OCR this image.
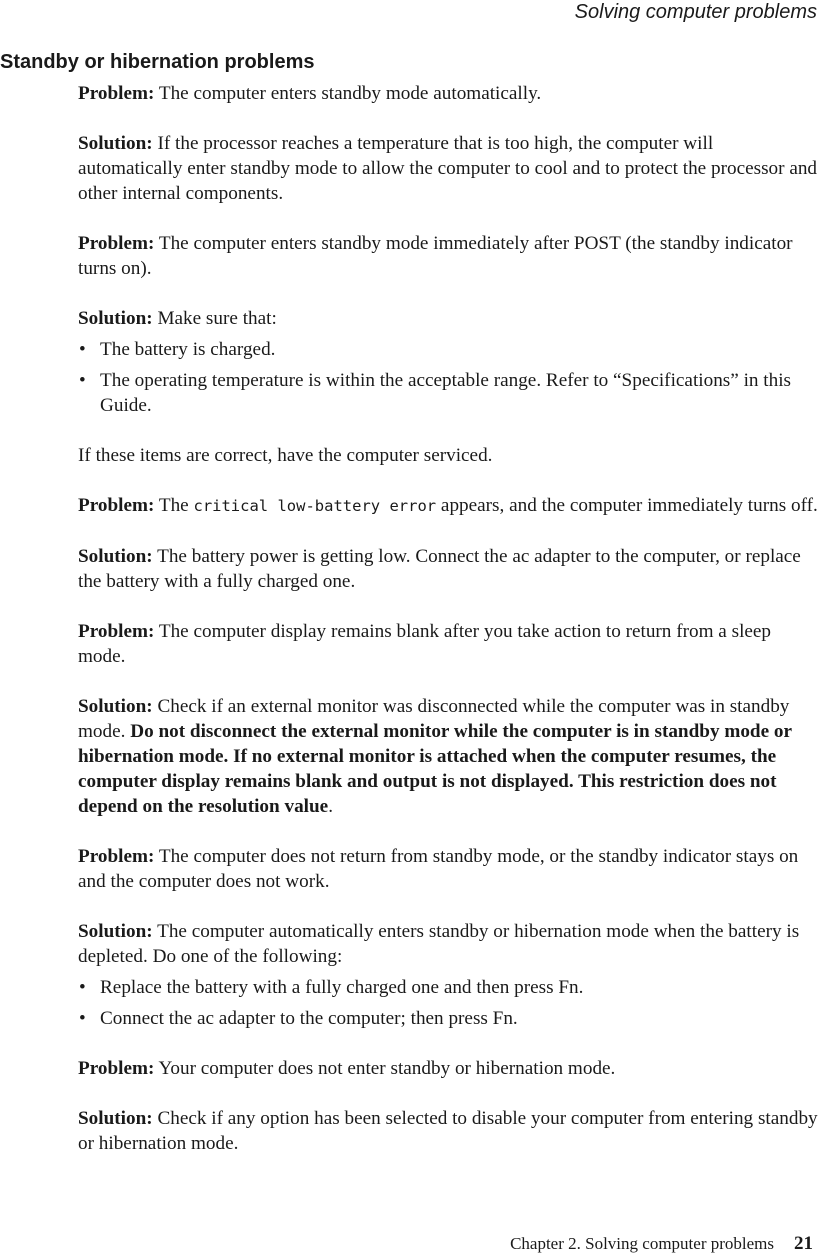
Solving computer problems
Standby or hibernation problems

Problem: The computer enters standby mode automatically.

Solution: If the processor reaches a temperature that is too high, the computer will automatically enter standby mode to allow the computer to cool and to protect the processor and other internal components.

Problem: The computer enters standby mode immediately after POST (the standby indicator turns on).

Solution: Make sure that:

• The battery is charged.
• The operating temperature is within the acceptable range. Refer to “Specifications” in this Guide.

If these items are correct, have the computer serviced.

Problem: The critical low-battery error appears, and the computer immediately turns off.

Solution: The battery power is getting low. Connect the ac adapter to the computer, or replace the battery with a fully charged one.

Problem: The computer display remains blank after you take action to return from a sleep mode.

Solution: Check if an external monitor was disconnected while the computer was in standby mode. Do not disconnect the external monitor while the computer is in standby mode or hibernation mode. If no external monitor is attached when the computer resumes, the computer display remains blank and output is not displayed. This restriction does not depend on the resolution value.

Problem: The computer does not return from standby mode, or the standby indicator stays on and the computer does not work.

Solution: The computer automatically enters standby or hibernation mode when the battery is depleted. Do one of the following:

• Replace the battery with a fully charged one and then press Fn.
• Connect the ac adapter to the computer; then press Fn.

Problem: Your computer does not enter standby or hibernation mode.

Solution: Check if any option has been selected to disable your computer from entering standby or hibernation mode.

Chapter 2. Solving computer problems 21
